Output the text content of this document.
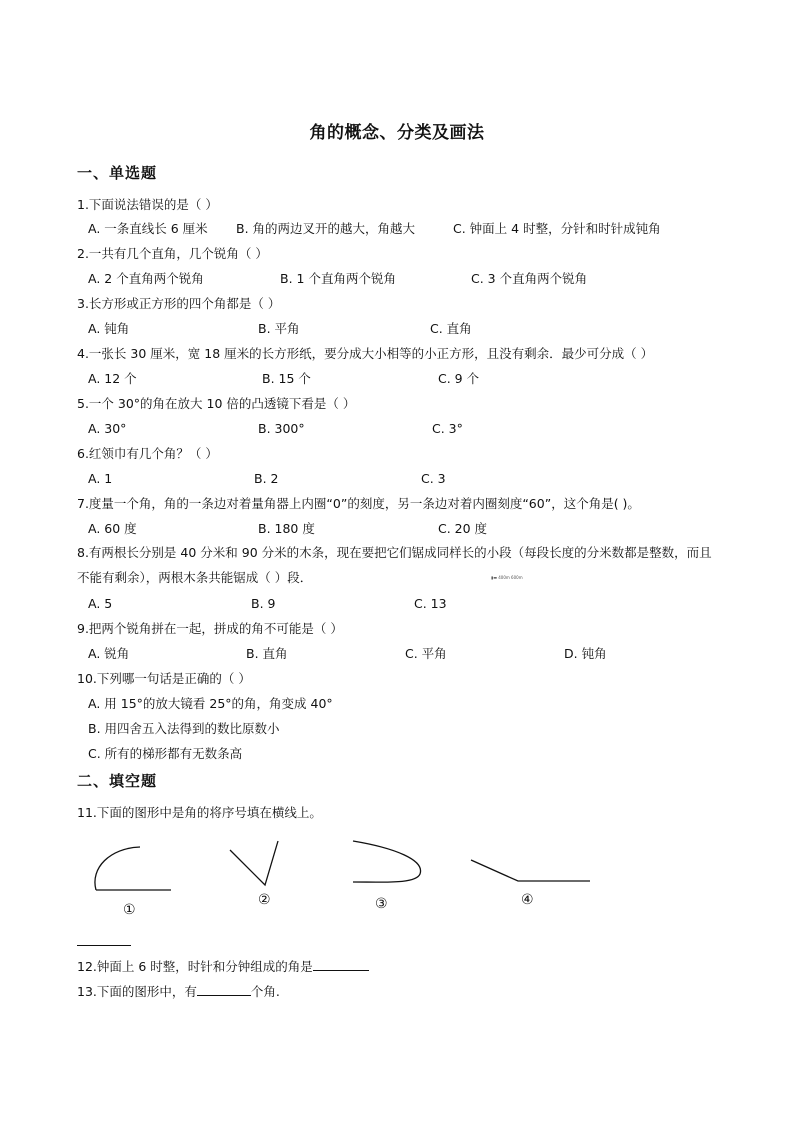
角的概念、分类及画法
一、单选题
1.下面说法错误的是（ ）
A. 一条直线长 6 厘米 B. 角的两边叉开的越大，角越大	C. 钟面上 4 时整，分针和时针成钝角
2.一共有几个直角，几个锐角（ ）
A. 2 个直角两个锐角	B. 1 个直角两个锐角	C. 3 个直角两个锐角
3.长方形或正方形的四个角都是（ ）
A. 钝角	B. 平角	C. 直角
4.一张长 30 厘米，宽 18 厘米的长方形纸，要分成大小相等的小正方形，且没有剩余．最少可分成（ ）
A. 12 个	B. 15 个	C. 9 个
5.一个 30°的角在放大 10 倍的凸透镜下看是（ ）
A. 30°	B. 300°	C. 3°
6.红领巾有几个角？（ ）
A. 1	B. 2	C. 3
7.度量一个角，角的一条边对着量角器上内圈“0”的刻度，另一条边对着内圈刻度“60”，这个角是( )。
A. 60 度	B. 180 度	C. 20 度
8.有两根长分别是 40 分米和 90 分米的木条，现在要把它们锯成同样长的小段（每段长度的分米数都是整数，而且不能有剩余），两根木条共能锯成（ ）段．	▮▬ 400m 600m
A. 5	B. 9	C. 13
9.把两个锐角拼在一起，拼成的角不可能是（ ）
A. 锐角	B. 直角	C. 平角	D. 钝角
10.下列哪一句话是正确的（ ）
A. 用 15°的放大镜看 25°的角，角变成 40°
B. 用四舍五入法得到的数比原数小
C. 所有的梯形都有无数条高
二、填空题
11.下面的图形中是角的将序号填在横线上。
①
②	③	④
12.钟面上 6 时整，时针和分钟组成的角是
13.下面的图形中，有	个角.
